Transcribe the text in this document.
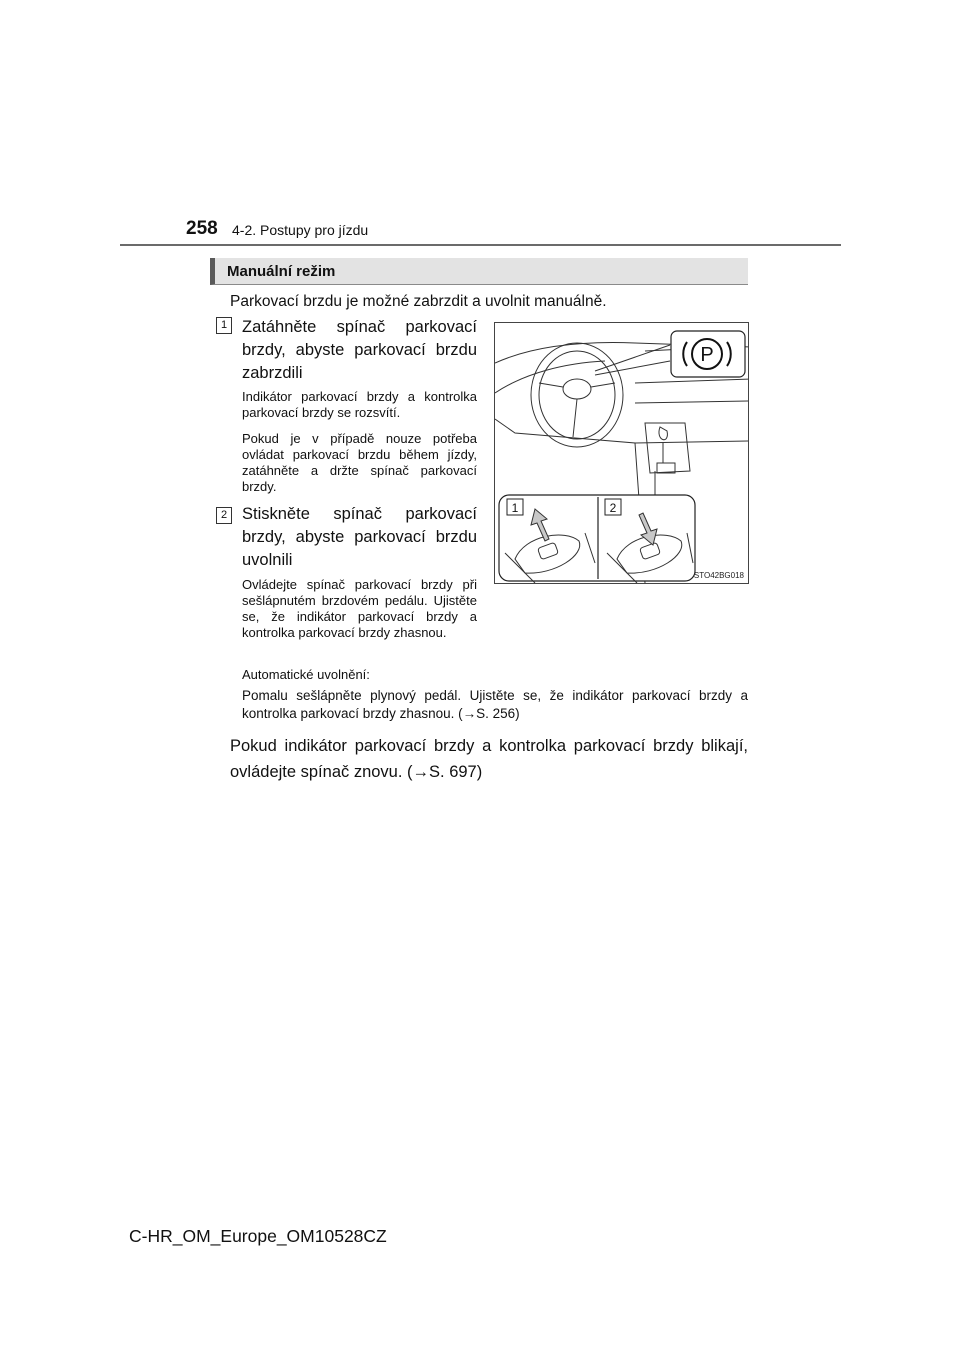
258 4-2. Postupy pro jízdu
Manuální režim
Parkovací brzdu je možné zabrzdit a uvolnit manuálně.
1 Zatáhněte spínač parkovací brzdy, abyste parkovací brzdu zabrzdili
Indikátor parkovací brzdy a kontrolka parkovací brzdy se rozsvítí.
Pokud je v případě nouze potřeba ovládat parkovací brzdu během jízdy, zatáhněte a držte spínač parkovací brzdy.
2 Stiskněte spínač parkovací brzdy, abyste parkovací brzdu uvolnili
Ovládejte spínač parkovací brzdy při sešlápnutém brzdovém pedálu. Ujistěte se, že indikátor parkovací brzdy a kontrolka parkovací brzdy zhasnou.
Automatické uvolnění:
Pomalu sešlápněte plynový pedál. Ujistěte se, že indikátor parkovací brzdy a kontrolka parkovací brzdy zhasnou. (→S. 256)
Pokud indikátor parkovací brzdy a kontrolka parkovací brzdy blikají, ovládejte spínač znovu. (→S. 697)
P
1	2
STO42BG018
C-HR_OM_Europe_OM10528CZ
